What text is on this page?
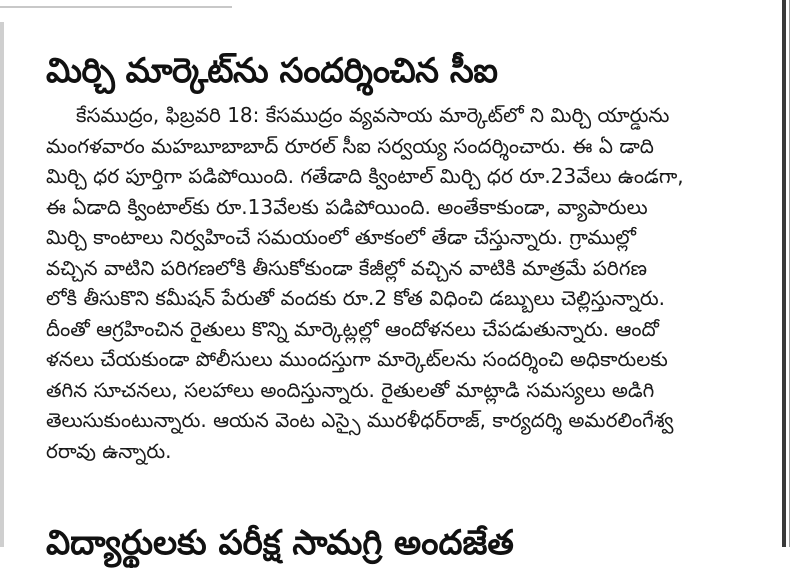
మిర్చి మార్కెట్‌ను సందర్శించిన సీఐ
కేసముద్రం, ఫిబ్రవరి 18: కేసముద్రం వ్యవసాయ మార్కెట్‌లో ని మిర్చి యార్డును
మంగళవారం మహబూబాబాద్ రూరల్ సీఐ సర్వయ్య సందర్శించారు. ఈ ఏ డాది
మిర్చి ధర పూర్తిగా పడిపోయింది. గతేడాది క్వింటాల్ మిర్చి ధర రూ.23వేలు ఉండగా,
ఈ ఏడాది క్వింటాల్‌కు రూ.13వేలకు పడిపోయింది. అంతేకాకుండా, వ్యాపారులు
మిర్చి కాంటాలు నిర్వహించే సమయంలో తూకంలో తేడా చేస్తున్నారు. గ్రాముల్లో
వచ్చిన వాటిని పరిగణలోకి తీసుకోకుండా కేజీల్లో వచ్చిన వాటికి మాత్రమే పరిగణ
లోకి తీసుకొని కమీషన్ పేరుతో వందకు రూ.2 కోత విధించి డబ్బులు చెల్లిస్తున్నారు.
దీంతో ఆగ్రహించిన రైతులు కొన్ని మార్కెట్లల్లో ఆందోళనలు చేపడుతున్నారు. ఆందో
ళనలు చేయకుండా పోలీసులు ముందస్తుగా మార్కెట్‌లను సందర్శించి అధికారులకు
తగిన సూచనలు, సలహాలు అందిస్తున్నారు. రైతులతో మాట్లాడి సమస్యలు అడిగి
తెలుసుకుంటున్నారు. ఆయన వెంట ఎస్సై మురళీధర్‌రాజ్, కార్యదర్శి అమరలింగేశ్వ
రరావు ఉన్నారు.
విద్యార్థులకు పరీక్ష సామగ్రి అందజేత
